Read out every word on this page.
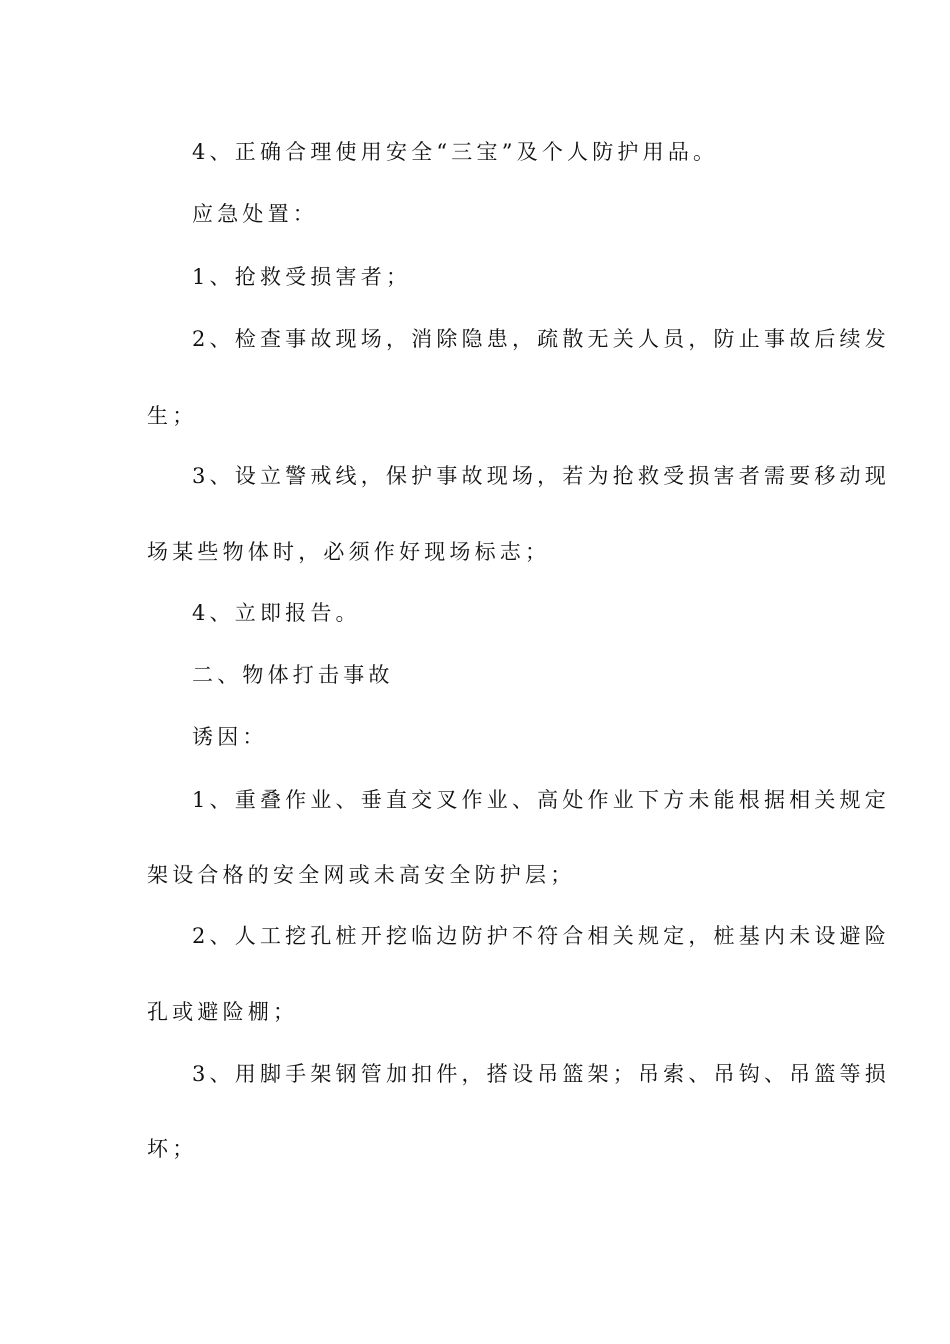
4、正确合理使用安全“三宝”及个人防护用品。
应急处置：
1、抢救受损害者；
2、检查事故现场，消除隐患，疏散无关人员，防止事故后续发
生；
3、设立警戒线，保护事故现场，若为抢救受损害者需要移动现
场某些物体时，必须作好现场标志；
4、立即报告。
二、物体打击事故
诱因：
1、重叠作业、垂直交叉作业、高处作业下方未能根据相关规定
架设合格的安全网或未高安全防护层；
2、人工挖孔桩开挖临边防护不符合相关规定，桩基内未设避险
孔或避险棚；
3、用脚手架钢管加扣件，搭设吊篮架；吊索、吊钩、吊篮等损
坏；
